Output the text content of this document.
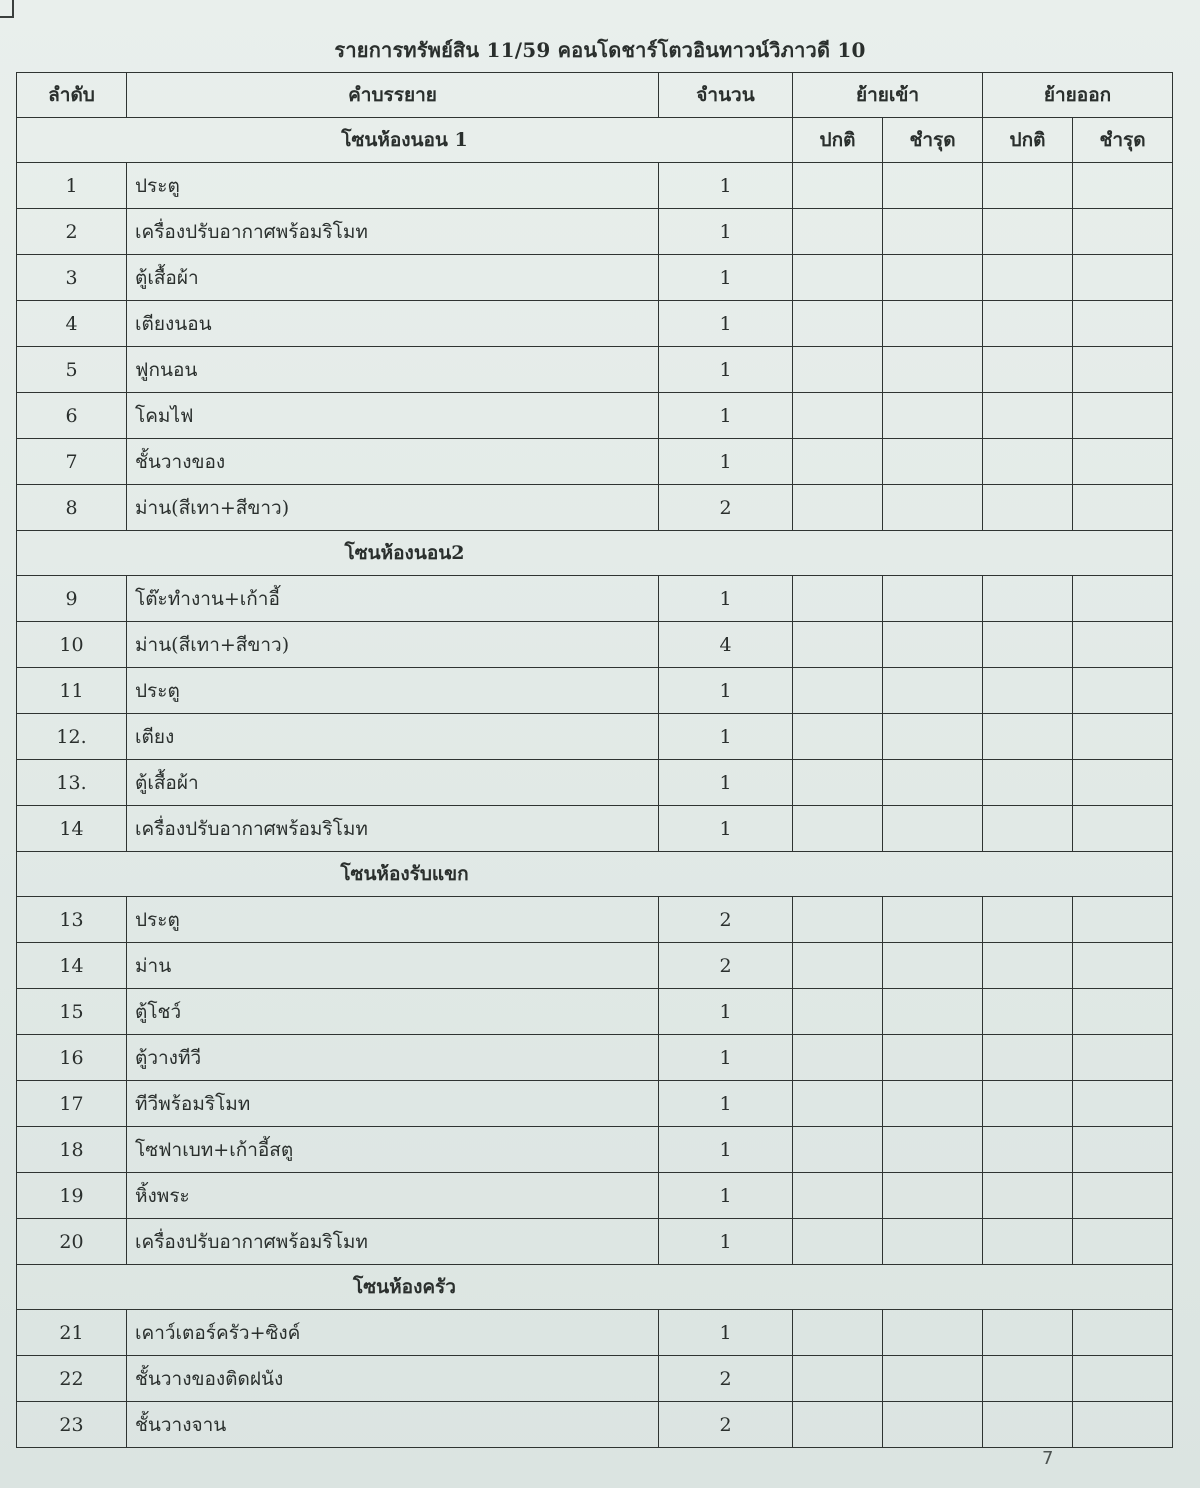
รายการทรัพย์สิน 11/59 คอนโดชาร์โตวอินทาวน์วิภาวดี 10
ลำดับ	คำบรรยาย	จำนวน	ย้ายเข้า		ย้ายออก	
โซนห้องนอน 1			ปกติ	ชำรุด	ปกติ	ชำรุด
1	ประตู	1				
2	เครื่องปรับอากาศพร้อมริโมท	1				
3	ตู้เสื้อผ้า	1				
4	เตียงนอน	1				
5	ฟูกนอน	1				
6	โคมไฟ	1				
7	ชั้นวางของ	1				
8	ม่าน(สีเทา+สีขาว)	2				
โซนห้องนอน2						
9	โต๊ะทำงาน+เก้าอี้	1				
10	ม่าน(สีเทา+สีขาว)	4				
11	ประตู	1				
12.	เตียง	1				
13.	ตู้เสื้อผ้า	1				
14	เครื่องปรับอากาศพร้อมริโมท	1				
โซนห้องรับแขก						
13	ประตู	2				
14	ม่าน	2				
15	ตู้โชว์	1				
16	ตู้วางทีวี	1				
17	ทีวีพร้อมริโมท	1				
18	โซฟาเบท+เก้าอี้สตู	1				
19	หิ้งพระ	1				
20	เครื่องปรับอากาศพร้อมริโมท	1				
โซนห้องครัว						
21	เคาว์เตอร์ครัว+ซิงค์	1				
22	ชั้นวางของติดฝนัง	2				
23	ชั้นวางจาน	2				
7
